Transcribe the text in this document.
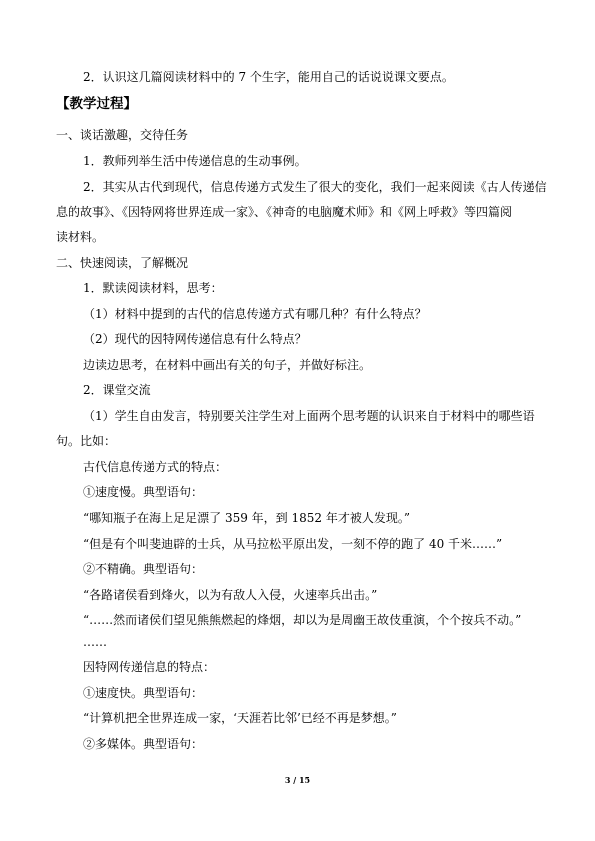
2．认识这几篇阅读材料中的 7 个生字，能用自己的话说说课文要点。
【教学过程】
一、谈话激趣，交待任务
1．教师列举生活中传递信息的生动事例。
2．其实从古代到现代，信息传递方式发生了很大的变化，我们一起来阅读《古人传递信
息的故事》、《因特网将世界连成一家》、《神奇的电脑魔术师》和《网上呼救》等四篇阅
读材料。
二、快速阅读，了解概况
1．默读阅读材料，思考：
（1）材料中提到的古代的信息传递方式有哪几种？有什么特点？
（2）现代的因特网传递信息有什么特点？
边读边思考，在材料中画出有关的句子，并做好标注。
2．课堂交流
（1）学生自由发言，特别要关注学生对上面两个思考题的认识来自于材料中的哪些语
句。比如：
古代信息传递方式的特点：
①速度慢。典型语句：
“哪知瓶子在海上足足漂了 359 年，到 1852 年才被人发现。”
“但是有个叫斐迪辟的士兵，从马拉松平原出发，一刻不停的跑了 40 千米……”
②不精确。典型语句：
“各路诸侯看到烽火，以为有敌人入侵，火速率兵出击。”
“……然而诸侯们望见熊熊燃起的烽烟，却以为是周幽王故伎重演，个个按兵不动。”
……
因特网传递信息的特点：
①速度快。典型语句：
“计算机把全世界连成一家，‘天涯若比邻’已经不再是梦想。”
②多媒体。典型语句：
3 / 15
